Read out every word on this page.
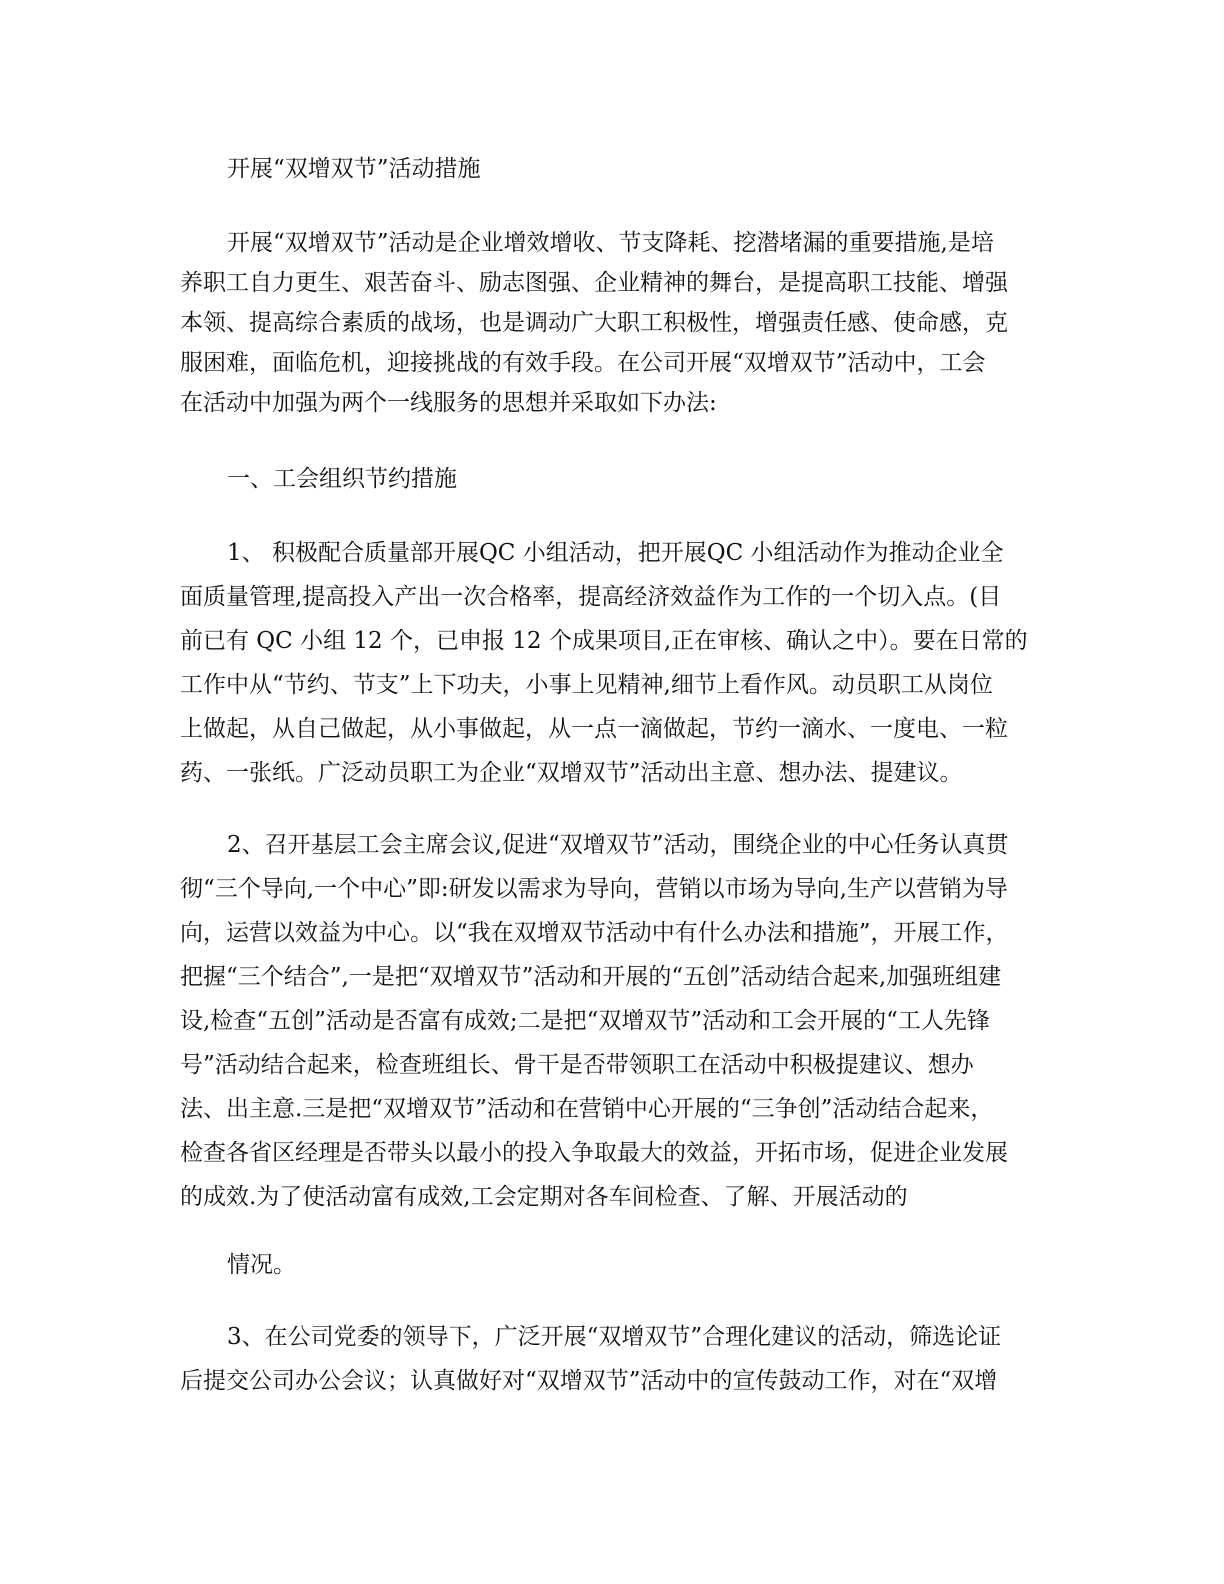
开展“双增双节”活动措施
开展“双增双节”活动是企业增效增收、节支降耗、挖潜堵漏的重要措施,是培
养职工自力更生、艰苦奋斗、励志图强、企业精神的舞台，是提高职工技能、增强
本领、提高综合素质的战场，也是调动广大职工积极性，增强责任感、使命感，克
服困难，面临危机，迎接挑战的有效手段。在公司开展“双增双节”活动中，工会
在活动中加强为两个一线服务的思想并采取如下办法:
一、工会组织节约措施
1、 积极配合质量部开展QC 小组活动，把开展QC 小组活动作为推动企业全
面质量管理,提高投入产出一次合格率，提高经济效益作为工作的一个切入点。(目
前已有 QC 小组 12 个，已申报 12 个成果项目,正在审核、确认之中）。要在日常的
工作中从“节约、节支”上下功夫，小事上见精神,细节上看作风。动员职工从岗位
上做起，从自己做起，从小事做起，从一点一滴做起，节约一滴水、一度电、一粒
药、一张纸。广泛动员职工为企业“双增双节”活动出主意、想办法、提建议。
2、召开基层工会主席会议,促进“双增双节”活动，围绕企业的中心任务认真贯
彻“三个导向,一个中心”即:研发以需求为导向，营销以市场为导向,生产以营销为导
向，运营以效益为中心。以“我在双增双节活动中有什么办法和措施”，开展工作，
把握“三个结合”,一是把“双增双节”活动和开展的“五创”活动结合起来,加强班组建
设,检查“五创”活动是否富有成效;二是把“双增双节”活动和工会开展的“工人先锋
号”活动结合起来，检查班组长、骨干是否带领职工在活动中积极提建议、想办
法、出主意.三是把“双增双节”活动和在营销中心开展的“三争创”活动结合起来，
检查各省区经理是否带头以最小的投入争取最大的效益，开拓市场，促进企业发展
的成效.为了使活动富有成效,工会定期对各车间检查、了解、开展活动的
情况。
3、在公司党委的领导下，广泛开展“双增双节”合理化建议的活动，筛选论证
后提交公司办公会议；认真做好对“双增双节”活动中的宣传鼓动工作，对在“双增
